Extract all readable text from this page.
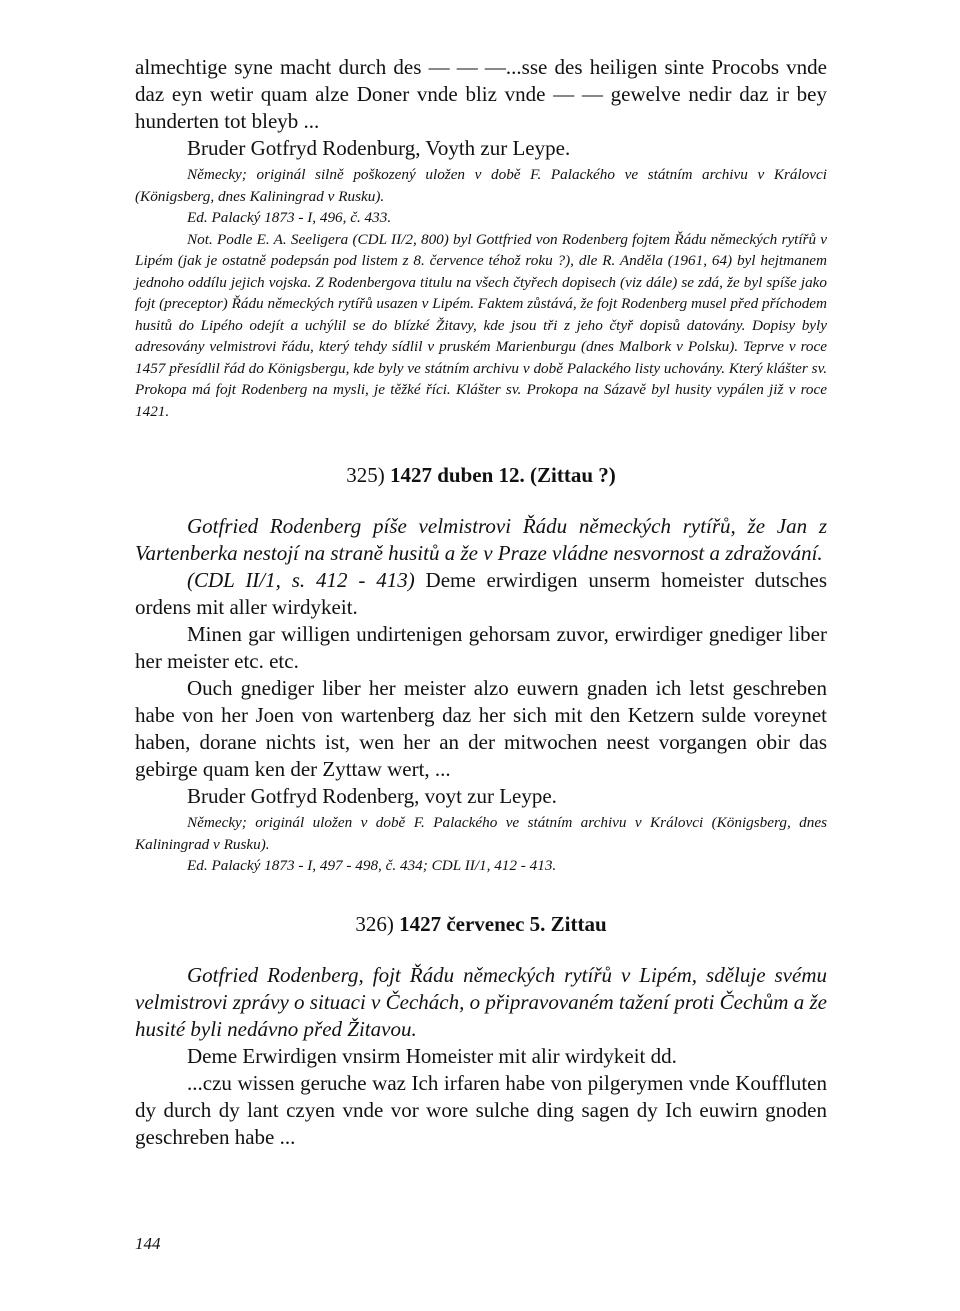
almechtige syne macht durch des — — —...sse des heiligen sinte Procobs vnde daz eyn wetir quam alze Doner vnde bliz vnde — — gewelve nedir daz ir bey hunderten tot bleyb ...

Bruder Gotfryd Rodenburg, Voyth zur Leype.

Německy; originál silně poškozený uložen v době F. Palackého ve státním archivu v Královci (Königsberg, dnes Kaliningrad v Rusku).

Ed. Palacký 1873 - I, 496, č. 433.

Not. Podle E. A. Seeligera (CDL II/2, 800) byl Gottfried von Rodenberg fojtem Řádu německých rytířů v Lipém (jak je ostatně podepsán pod listem z 8. července téhož roku ?), dle R. Anděla (1961, 64) byl hejtmanem jednoho oddílu jejich vojska. Z Rodenbergova titulu na všech čtyřech dopisech (viz dále) se zdá, že byl spíše jako fojt (preceptor) Řádu německých rytířů usazen v Lipém. Faktem zůstává, že fojt Rodenberg musel před příchodem husitů do Lipého odejít a uchýlil se do blízké Žitavy, kde jsou tři z jeho čtyř dopisů datovány. Dopisy byly adresovány velmistrovi řádu, který tehdy sídlil v pruském Marienburgu (dnes Malbork v Polsku). Teprve v roce 1457 přesídlil řád do Königsbergu, kde byly ve státním archivu v době Palackého listy uchovány. Který klášter sv. Prokopa má fojt Rodenberg na mysli, je těžké říci. Klášter sv. Prokopa na Sázavě byl husity vypálen již v roce 1421.

325) 1427 duben 12. (Zittau ?)

Gotfried Rodenberg píše velmistrovi Řádu německých rytířů, že Jan z Vartenberka nestojí na straně husitů a že v Praze vládne nesvornost a zdražování.

(CDL II/1, s. 412 - 413) Deme erwirdigen unserm homeister dutsches ordens mit aller wirdykeit.

Minen gar willigen undirtenigen gehorsam zuvor, erwirdiger gnediger liber her meister etc. etc.

Ouch gnediger liber her meister alzo euwern gnaden ich letst geschreben habe von her Joen von wartenberg daz her sich mit den Ketzern sulde voreynet haben, dorane nichts ist, wen her an der mitwochen neest vorgangen obir das gebirge quam ken der Zyttaw wert, ...

Bruder Gotfryd Rodenberg, voyt zur Leype.

Německy; originál uložen v době F. Palackého ve státním archivu v Královci (Königsberg, dnes Kaliningrad v Rusku).

Ed. Palacký 1873 - I, 497 - 498, č. 434; CDL II/1, 412 - 413.

326) 1427 červenec 5. Zittau

Gotfried Rodenberg, fojt Řádu německých rytířů v Lipém, sděluje svému velmistrovi zprávy o situaci v Čechách, o připravovaném tažení proti Čechům a že husité byli nedávno před Žitavou.

Deme Erwirdigen vnsirm Homeister mit alir wirdykeit dd.

...czu wissen geruche waz Ich irfaren habe von pilgerymen vnde Kouffluten dy durch dy lant czyen vnde vor wore sulche ding sagen dy Ich euwirn gnoden geschreben habe ...

144
